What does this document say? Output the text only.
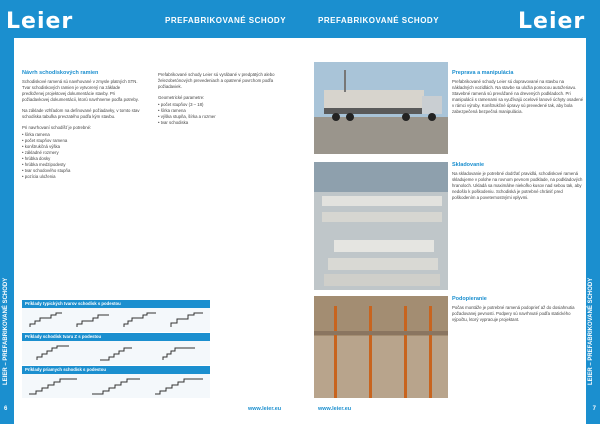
Leier	PREFABRIKOVANÉ SCHODY
LEIER – PREFABRIKOVANÉ SCHODY
6
Návrh schodiskových ramien

Schodiskové ramená sú navrhované v zmysle platných STN. Tvar schodiskových ramien je vytvorený na základe predloženej projektovej dokumentácie stavby. Pri požiadavkovej dokumentácii, ktorú navrhneme podľa potreby.

Na základe vzhľadom na definované požiadavky, v tomto stav schodíska tabuľka prevzatého podľa kým stavbu.

Pri navrhovaní schodíšť je potrebné:

• šírka ramena
• počet stupňov ramena
• konštrukčná výška
• základné rozmery
• hrúbka dosky
• hrúbka medzipodesty
• tvar schodového stupňa
• pozícia uloženia

Prefabrikované schody Leier sú vyrábané v predpätých alebo železobetónových prevedeniach a opatrené povrchom podľa požiadaviek.

Geometrické parametre:

• počet stupňov (3 – 18)
• šírka ramena
• výška stupňa, šírka a rozmer
• tvar schodiska
Príklady typických tvarov schodísk s podestou
Príklady schodísk tvaru Z s podestou
Príklady priamych schodísk s podestou
www.leier.eu
Leier
PREFABRIKOVANÉ SCHODY
LEIER – PREFABRIKOVANÉ SCHODY
7
Preprava a manipulácia

Prefabrikované schody Leier sú dopravované na stavbu na nákladných vozidlách. Na stavbe sa uložia pomocou autožeriavu. Stavebné ramená sú prevážané na drevených podkladoch. Pri manipulácii s ramenami sa využívajú ocelové lanové úchyty osadené v rámci výroby. Konštrukčné úpravy sú prevedené tak, aby bola zabezpečená bezpečná manipulácia.

Skladovanie

Na skladovanie je potrebné dodržať pravidlá, schodiskové ramená skladujeme v polohe na rovnom pevnom podklade, na podkladových hranoloch. Ukladá sa maximálne niekoľko kusov nad sebou tak, aby nedošlo k poškodeniu. Schodiská je potrebné chrániť pred poškodením a poveternostnými vplyvmi.

Podopieranie

Počas montáže je potrebné ramená podoprieť až do dosiahnutia požadovanej pevnosti. Podpery sú navrhnuté podľa statického výpočtu, ktorý vypracuje projektant.

www.leier.eu
